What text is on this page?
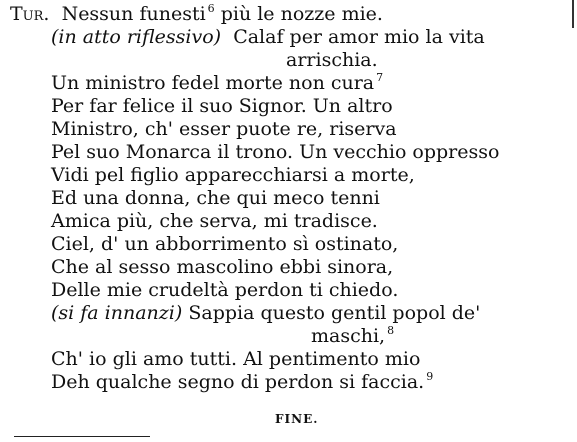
Tur. Nessun funesti $^6$ più le nozze mie.
(in atto riflessivo) Calaf per amor mio la vita
arrischia.
Un ministro fedel morte non cura $^7$
Per far felice il suo Signor. Un altro
Ministro, ch' esser puote re, riserva
Pel suo Monarca il trono. Un vecchio oppresso
Vidi pel figlio apparecchiarsi a morte,
Ed una donna, che qui meco tenni
Amica più, che serva, mi tradisce.
Ciel, d' un abborrimento sì ostinato,
Che al sesso mascolino ebbi sinora,
Delle mie crudeltà perdon ti chiedo.
(si fa innanzi) Sappia questo gentil popol de'
maschi, $^8$
Ch' io gli amo tutti. Al pentimento mio
Deh qualche segno di perdon si faccia. $^9$
FINE.
